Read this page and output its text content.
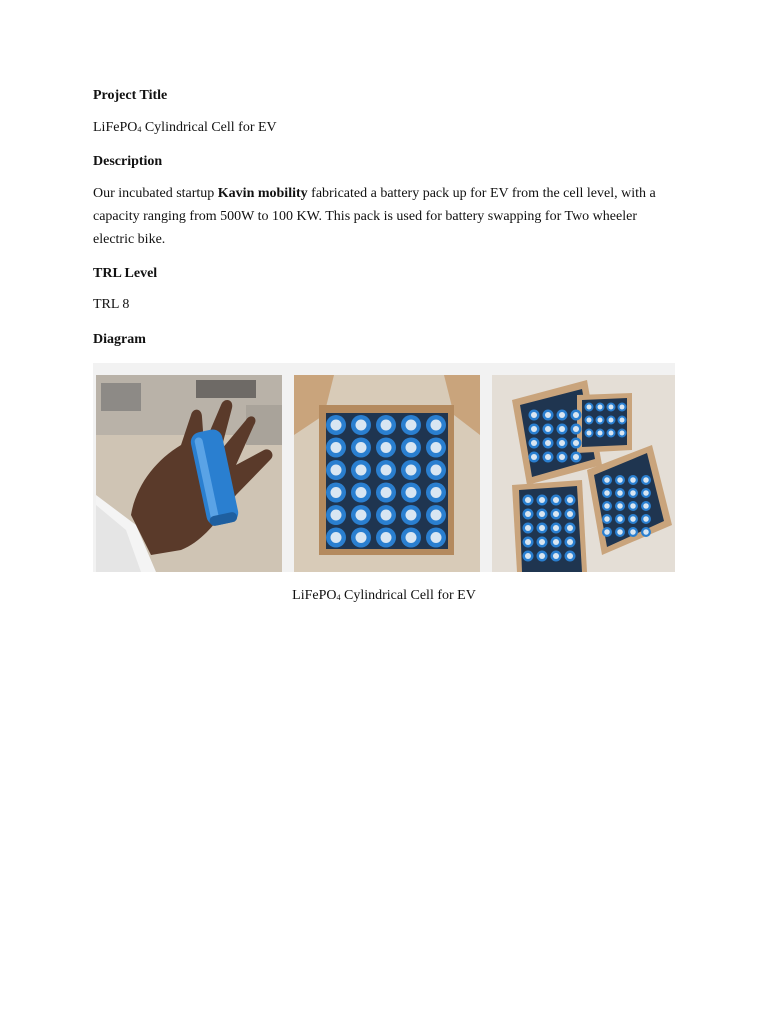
Project Title
LiFePO$_4$ Cylindrical Cell for EV
Description
Our incubated startup Kavin mobility fabricated a battery pack up for EV from the cell level, with a capacity ranging from 500W to 100 KW. This pack is used for battery swapping for Two wheeler electric bike.
TRL Level
TRL 8
Diagram
LiFePO$_4$ Cylindrical Cell for EV
